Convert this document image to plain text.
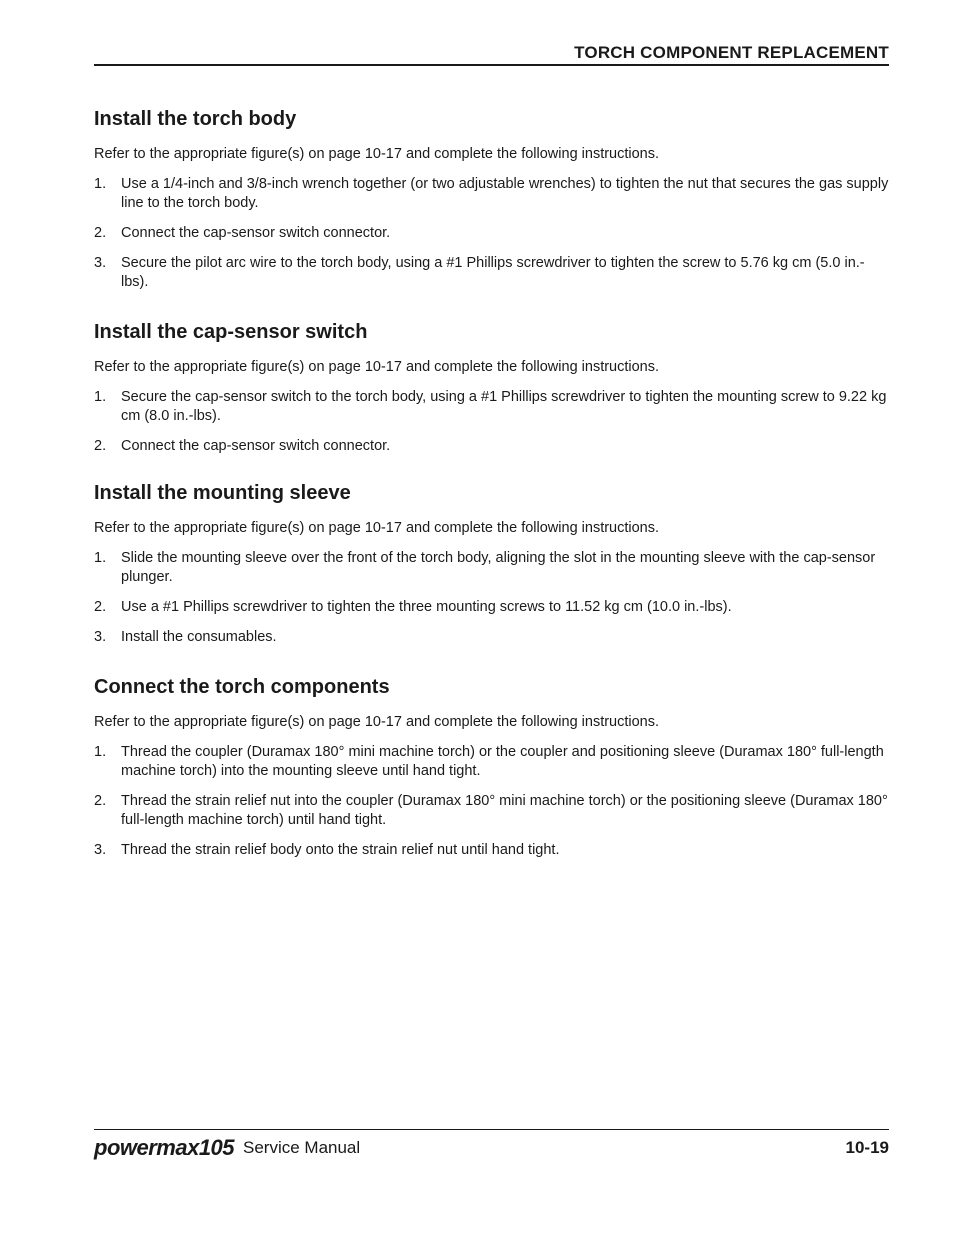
TORCH COMPONENT REPLACEMENT
Install the torch body

Refer to the appropriate figure(s) on page 10-17 and complete the following instructions.

1. Use a 1/4-inch and 3/8-inch wrench together (or two adjustable wrenches) to tighten the nut that secures the gas supply line to the torch body.
2. Connect the cap-sensor switch connector.
3. Secure the pilot arc wire to the torch body, using a #1 Phillips screwdriver to tighten the screw to 5.76 kg cm (5.0 in.-lbs).
Install the cap-sensor switch

Refer to the appropriate figure(s) on page 10-17 and complete the following instructions.

1. Secure the cap-sensor switch to the torch body, using a #1 Phillips screwdriver to tighten the mounting screw to 9.22 kg cm (8.0 in.-lbs).
2. Connect the cap-sensor switch connector.
Install the mounting sleeve

Refer to the appropriate figure(s) on page 10-17 and complete the following instructions.

1. Slide the mounting sleeve over the front of the torch body, aligning the slot in the mounting sleeve with the cap-sensor plunger.
2. Use a #1 Phillips screwdriver to tighten the three mounting screws to 11.52 kg cm (10.0 in.-lbs).
3. Install the consumables.
Connect the torch components

Refer to the appropriate figure(s) on page 10-17 and complete the following instructions.

1. Thread the coupler (Duramax 180° mini machine torch) or the coupler and positioning sleeve (Duramax 180° full-length machine torch) into the mounting sleeve until hand tight.
2. Thread the strain relief nut into the coupler (Duramax 180° mini machine torch) or the positioning sleeve (Duramax 180° full-length machine torch) until hand tight.
3. Thread the strain relief body onto the strain relief nut until hand tight.
powermax105 Service Manual	10-19
